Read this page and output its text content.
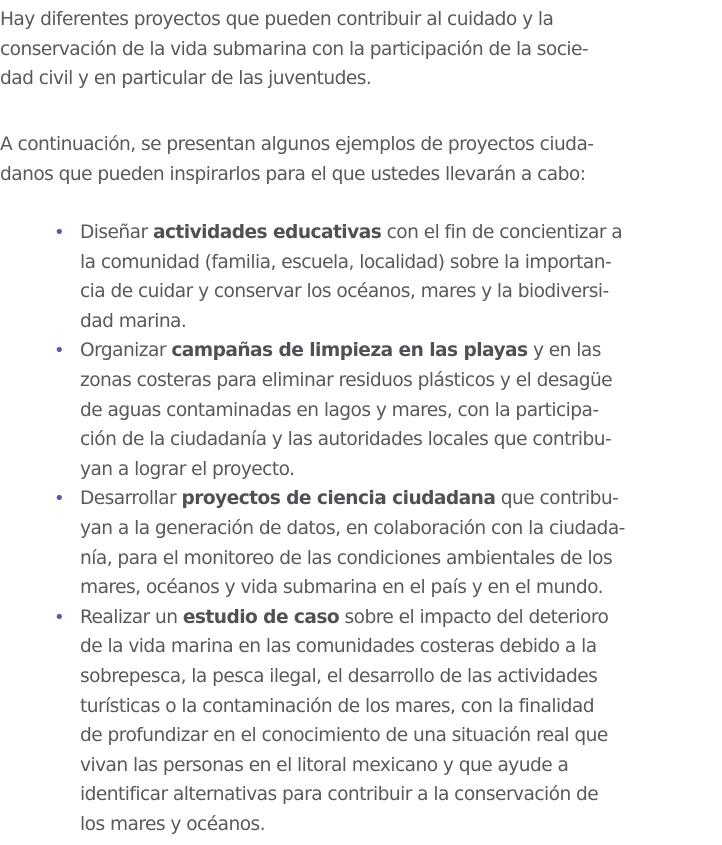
Hay diferentes proyectos que pueden contribuir al cuidado y la
conservación de la vida submarina con la participación de la socie-
dad civil y en particular de las juventudes.

A continuación, se presentan algunos ejemplos de proyectos ciuda-
danos que pueden inspirarlos para el que ustedes llevarán a cabo:

• Diseñar actividades educativas con el fin de concientizar a
la comunidad (familia, escuela, localidad) sobre la importan-
cia de cuidar y conservar los océanos, mares y la biodiversi-
dad marina.
• Organizar campañas de limpieza en las playas y en las
zonas costeras para eliminar residuos plásticos y el desagüe
de aguas contaminadas en lagos y mares, con la participa-
ción de la ciudadanía y las autoridades locales que contribu-
yan a lograr el proyecto.
• Desarrollar proyectos de ciencia ciudadana que contribu-
yan a la generación de datos, en colaboración con la ciudada-
nía, para el monitoreo de las condiciones ambientales de los
mares, océanos y vida submarina en el país y en el mundo.
• Realizar un estudio de caso sobre el impacto del deterioro
de la vida marina en las comunidades costeras debido a la
sobrepesca, la pesca ilegal, el desarrollo de las actividades
turísticas o la contaminación de los mares, con la finalidad
de profundizar en el conocimiento de una situación real que
vivan las personas en el litoral mexicano y que ayude a
identificar alternativas para contribuir a la conservación de
los mares y océanos.
